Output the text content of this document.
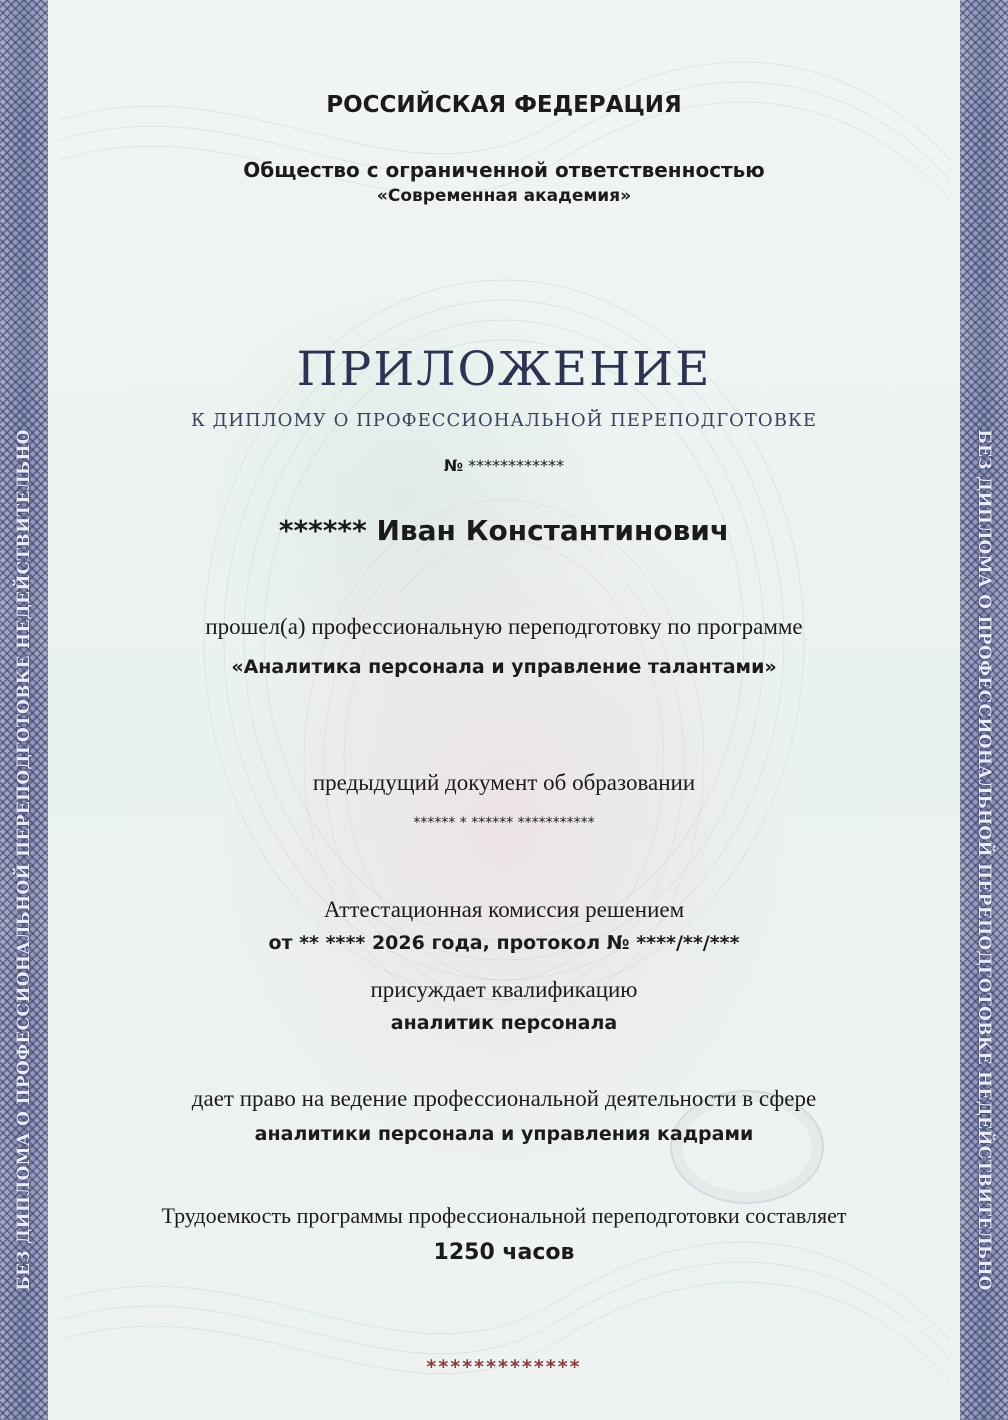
БЕЗ ДИПЛОМА О ПРОФЕССИОНАЛЬНОЙ ПЕРЕПОДГОТОВКЕ НЕДЕЙСТВИТЕЛЬНО	БЕЗ ДИПЛОМА О ПРОФЕССИОНАЛЬНОЙ ПЕРЕПОДГОТОВКЕ НЕДЕЙСТВИТЕЛЬНО

РОССИЙСКАЯ ФЕДЕРАЦИЯ

Общество с ограниченной ответственностью

«Современная академия»

ПРИЛОЖЕНИЕ

К ДИПЛОМУ О ПРОФЕССИОНАЛЬНОЙ ПЕРЕПОДГОТОВКЕ

№ ************

****** Иван Константинович

прошел(а) профессиональную переподготовку по программе

«Аналитика персонала и управление талантами»

предыдущий документ об образовании

****** * ****** ***********

Аттестационная комиссия решением

от ** **** 2026 года, протокол № ****/**/***

присуждает квалификацию

аналитик персонала

дает право на ведение профессиональной деятельности в сфере

аналитики персонала и управления кадрами

Трудоемкость программы профессиональной переподготовки составляет

1250 часов

*************
